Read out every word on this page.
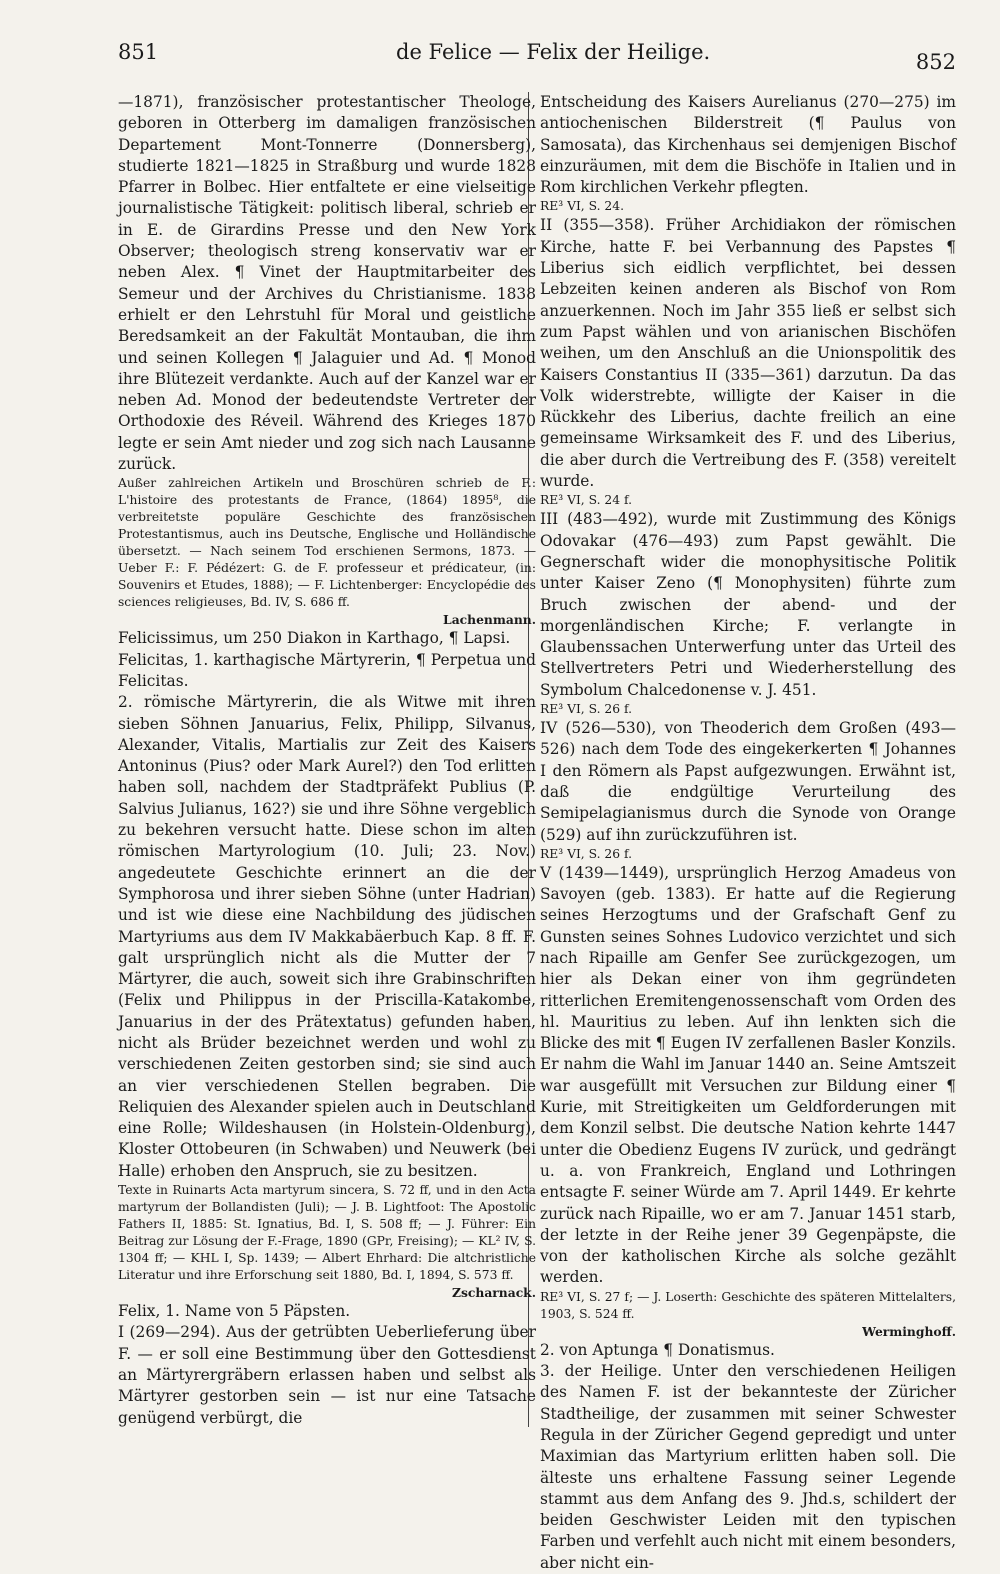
851	de Felice — Felix der Heilige.	852

—1871), französischer protestantischer Theologe, geboren in Otterberg im damaligen französischen Departement Mont-Tonnerre (Donnersberg), studierte 1821—1825 in Straßburg und wurde 1828 Pfarrer in Bolbec. Hier entfaltete er eine vielseitige journalistische Tätigkeit: politisch liberal, schrieb er in E. de Girardins Presse und den New York Observer; theologisch streng konservativ war er neben Alex. ¶ Vinet der Hauptmitarbeiter des Semeur und der Archives du Christianisme. 1838 erhielt er den Lehrstuhl für Moral und geistliche Beredsamkeit an der Fakultät Montauban, die ihm und seinen Kollegen ¶ Jalaguier und Ad. ¶ Monod ihre Blütezeit verdankte. Auch auf der Kanzel war er neben Ad. Monod der bedeutendste Vertreter der Orthodoxie des Réveil. Während des Krieges 1870 legte er sein Amt nieder und zog sich nach Lausanne zurück.

Außer zahlreichen Artikeln und Broschüren schrieb de F.: L'histoire des protestants de France, (1864) 1895⁸, die verbreitetste populäre Geschichte des französischen Protestantismus, auch ins Deutsche, Englische und Holländische übersetzt. — Nach seinem Tod erschienen Sermons, 1873. — Ueber F.: F. Pédézert: G. de F. professeur et prédicateur, (in: Souvenirs et Etudes, 1888); — F. Lichtenberger: Encyclopédie des sciences religieuses, Bd. IV, S. 686 ff.

Lachenmann.

Felicissimus, um 250 Diakon in Karthago, ¶ Lapsi.

Felicitas, 1. karthagische Märtyrerin, ¶ Perpetua und Felicitas.

2. römische Märtyrerin, die als Witwe mit ihren sieben Söhnen Januarius, Felix, Philipp, Silvanus, Alexander, Vitalis, Martialis zur Zeit des Kaisers Antoninus (Pius? oder Mark Aurel?) den Tod erlitten haben soll, nachdem der Stadtpräfekt Publius (P. Salvius Julianus, 162?) sie und ihre Söhne vergeblich zu bekehren versucht hatte. Diese schon im alten römischen Martyrologium (10. Juli; 23. Nov.) angedeutete Geschichte erinnert an die der Symphorosa und ihrer sieben Söhne (unter Hadrian) und ist wie diese eine Nachbildung des jüdischen Martyriums aus dem IV Makkabäerbuch Kap. 8 ff. F. galt ursprünglich nicht als die Mutter der 7 Märtyrer, die auch, soweit sich ihre Grabinschriften (Felix und Philippus in der Priscilla-Katakombe, Januarius in der des Prätextatus) gefunden haben, nicht als Brüder bezeichnet werden und wohl zu verschiedenen Zeiten gestorben sind; sie sind auch an vier verschiedenen Stellen begraben. Die Reliquien des Alexander spielen auch in Deutschland eine Rolle; Wildeshausen (in Holstein-Oldenburg), Kloster Ottobeuren (in Schwaben) und Neuwerk (bei Halle) erhoben den Anspruch, sie zu besitzen.

Texte in Ruinarts Acta martyrum sincera, S. 72 ff, und in den Acta martyrum der Bollandisten (Juli); — J. B. Lightfoot: The Apostolic Fathers II, 1885: St. Ignatius, Bd. I, S. 508 ff; — J. Führer: Ein Beitrag zur Lösung der F.-Frage, 1890 (GPr, Freising); — KL² IV, S. 1304 ff; — KHL I, Sp. 1439; — Albert Ehrhard: Die altchristliche Literatur und ihre Erforschung seit 1880, Bd. I, 1894, S. 573 ff.

Zscharnack.

Felix, 1. Name von 5 Päpsten.

I (269—294). Aus der getrübten Ueberlieferung über F. — er soll eine Bestimmung über den Gottesdienst an Märtyrergräbern erlassen haben und selbst als Märtyrer gestorben sein — ist nur eine Tatsache genügend verbürgt, die

Entscheidung des Kaisers Aurelianus (270—275) im antiochenischen Bilderstreit (¶ Paulus von Samosata), das Kirchenhaus sei demjenigen Bischof einzuräumen, mit dem die Bischöfe in Italien und in Rom kirchlichen Verkehr pflegten.

RE³ VI, S. 24.

II (355—358). Früher Archidiakon der römischen Kirche, hatte F. bei Verbannung des Papstes ¶ Liberius sich eidlich verpflichtet, bei dessen Lebzeiten keinen anderen als Bischof von Rom anzuerkennen. Noch im Jahr 355 ließ er selbst sich zum Papst wählen und von arianischen Bischöfen weihen, um den Anschluß an die Unionspolitik des Kaisers Constantius II (335—361) darzutun. Da das Volk widerstrebte, willigte der Kaiser in die Rückkehr des Liberius, dachte freilich an eine gemeinsame Wirksamkeit des F. und des Liberius, die aber durch die Vertreibung des F. (358) vereitelt wurde.

RE³ VI, S. 24 f.

III (483—492), wurde mit Zustimmung des Königs Odovakar (476—493) zum Papst gewählt. Die Gegnerschaft wider die monophysitische Politik unter Kaiser Zeno (¶ Monophysiten) führte zum Bruch zwischen der abend- und der morgenländischen Kirche; F. verlangte in Glaubenssachen Unterwerfung unter das Urteil des Stellvertreters Petri und Wiederherstellung des Symbolum Chalcedonense v. J. 451.

RE³ VI, S. 26 f.

IV (526—530), von Theoderich dem Großen (493—526) nach dem Tode des eingekerkerten ¶ Johannes I den Römern als Papst aufgezwungen. Erwähnt ist, daß die endgültige Verurteilung des Semipelagianismus durch die Synode von Orange (529) auf ihn zurückzuführen ist.

RE³ VI, S. 26 f.

V (1439—1449), ursprünglich Herzog Amadeus von Savoyen (geb. 1383). Er hatte auf die Regierung seines Herzogtums und der Grafschaft Genf zu Gunsten seines Sohnes Ludovico verzichtet und sich nach Ripaille am Genfer See zurückgezogen, um hier als Dekan einer von ihm gegründeten ritterlichen Eremitengenossenschaft vom Orden des hl. Mauritius zu leben. Auf ihn lenkten sich die Blicke des mit ¶ Eugen IV zerfallenen Basler Konzils. Er nahm die Wahl im Januar 1440 an. Seine Amtszeit war ausgefüllt mit Versuchen zur Bildung einer ¶ Kurie, mit Streitigkeiten um Geldforderungen mit dem Konzil selbst. Die deutsche Nation kehrte 1447 unter die Obedienz Eugens IV zurück, und gedrängt u. a. von Frankreich, England und Lothringen entsagte F. seiner Würde am 7. April 1449. Er kehrte zurück nach Ripaille, wo er am 7. Januar 1451 starb, der letzte in der Reihe jener 39 Gegenpäpste, die von der katholischen Kirche als solche gezählt werden.

RE³ VI, S. 27 f; — J. Loserth: Geschichte des späteren Mittelalters, 1903, S. 524 ff.

Werminghoff.

2. von Aptunga ¶ Donatismus.

3. der Heilige. Unter den verschiedenen Heiligen des Namen F. ist der bekannteste der Züricher Stadtheilige, der zusammen mit seiner Schwester Regula in der Züricher Gegend gepredigt und unter Maximian das Martyrium erlitten haben soll. Die älteste uns erhaltene Fassung seiner Legende stammt aus dem Anfang des 9. Jhd.s, schildert der beiden Geschwister Leiden mit den typischen Farben und verfehlt auch nicht mit einem besonders, aber nicht ein-
